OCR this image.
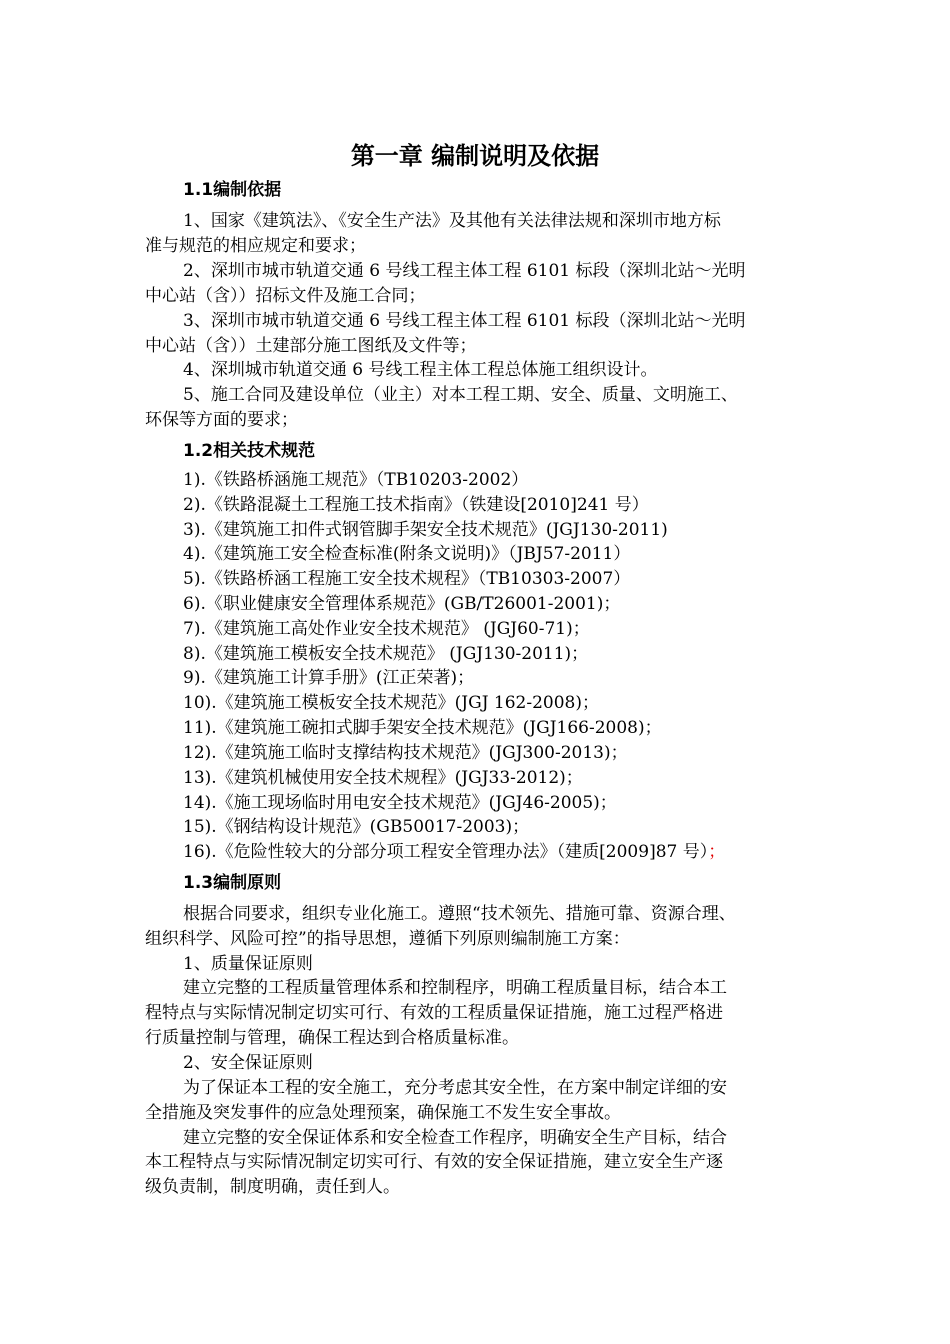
第一章 编制说明及依据
1.1编制依据
1、国家《建筑法》、《安全生产法》及其他有关法律法规和深圳市地方标
准与规范的相应规定和要求；
2、深圳市城市轨道交通 6 号线工程主体工程 6101 标段（深圳北站～光明
中心站（含））招标文件及施工合同；
3、深圳市城市轨道交通 6 号线工程主体工程 6101 标段（深圳北站～光明
中心站（含））土建部分施工图纸及文件等；
4、深圳城市轨道交通 6 号线工程主体工程总体施工组织设计。
5、施工合同及建设单位（业主）对本工程工期、安全、质量、文明施工、
环保等方面的要求；
1.2相关技术规范
1).《铁路桥涵施工规范》（TB10203-2002）
2).《铁路混凝土工程施工技术指南》（铁建设[2010]241 号）
3).《建筑施工扣件式钢管脚手架安全技术规范》(JGJ130-2011)
4).《建筑施工安全检查标准(附条文说明)》（JBJ57-2011）
5).《铁路桥涵工程施工安全技术规程》（TB10303-2007）
6).《职业健康安全管理体系规范》(GB/T26001-2001)；
7).《建筑施工高处作业安全技术规范》 (JGJ60-71)；
8).《建筑施工模板安全技术规范》 (JGJ130-2011)；
9).《建筑施工计算手册》(江正荣著)；
10).《建筑施工模板安全技术规范》(JGJ 162-2008)；
11).《建筑施工碗扣式脚手架安全技术规范》(JGJ166-2008)；
12).《建筑施工临时支撑结构技术规范》(JGJ300-2013)；
13).《建筑机械使用安全技术规程》(JGJ33-2012)；
14).《施工现场临时用电安全技术规范》(JGJ46-2005)；
15).《钢结构设计规范》(GB50017-2003)；
16).《危险性较大的分部分项工程安全管理办法》（建质[2009]87 号）；
1.3编制原则
根据合同要求，组织专业化施工。遵照“技术领先、措施可靠、资源合理、
组织科学、风险可控”的指导思想，遵循下列原则编制施工方案：
1、质量保证原则
建立完整的工程质量管理体系和控制程序，明确工程质量目标，结合本工
程特点与实际情况制定切实可行、有效的工程质量保证措施，施工过程严格进
行质量控制与管理，确保工程达到合格质量标准。
2、安全保证原则
为了保证本工程的安全施工，充分考虑其安全性，在方案中制定详细的安
全措施及突发事件的应急处理预案，确保施工不发生安全事故。
建立完整的安全保证体系和安全检查工作程序，明确安全生产目标，结合
本工程特点与实际情况制定切实可行、有效的安全保证措施，建立安全生产逐
级负责制，制度明确，责任到人。
